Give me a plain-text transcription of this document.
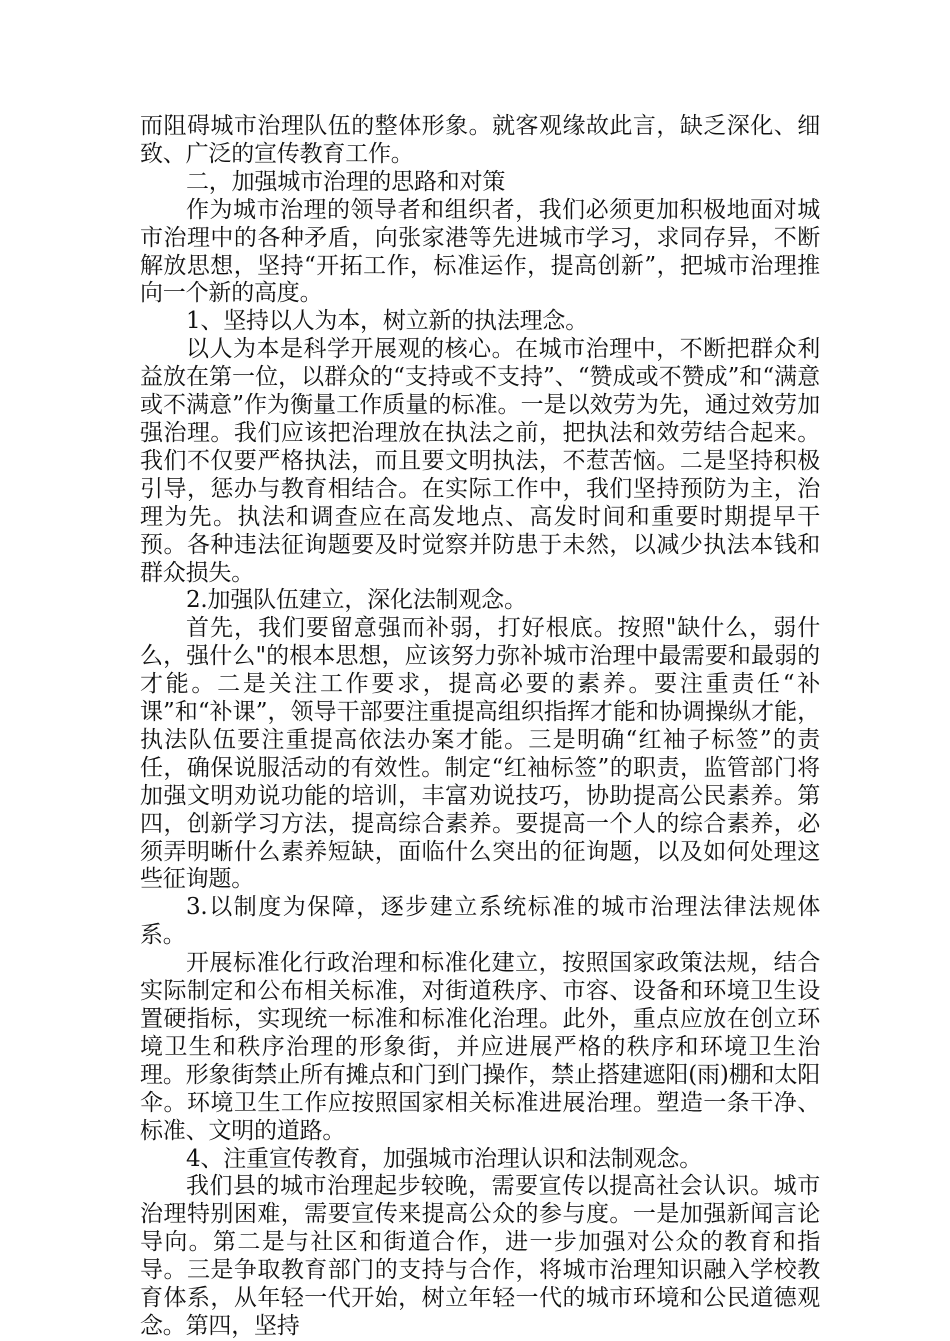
而阻碍城市治理队伍的整体形象。就客观缘故此言，缺乏深化、细致、广泛的宣传教育工作。

二，加强城市治理的思路和对策

作为城市治理的领导者和组织者，我们必须更加积极地面对城市治理中的各种矛盾，向张家港等先进城市学习，求同存异，不断解放思想，坚持“开拓工作，标准运作，提高创新”，把城市治理推向一个新的高度。

1、坚持以人为本，树立新的执法理念。

以人为本是科学开展观的核心。在城市治理中，不断把群众利益放在第一位，以群众的“支持或不支持”、“赞成或不赞成”和“满意或不满意”作为衡量工作质量的标准。一是以效劳为先，通过效劳加强治理。我们应该把治理放在执法之前，把执法和效劳结合起来。我们不仅要严格执法，而且要文明执法，不惹苦恼。二是坚持积极引导，惩办与教育相结合。在实际工作中，我们坚持预防为主，治理为先。执法和调查应在高发地点、高发时间和重要时期提早干预。各种违法征询题要及时觉察并防患于未然，以减少执法本钱和群众损失。

2.加强队伍建立，深化法制观念。

首先，我们要留意强而补弱，打好根底。按照"缺什么，弱什么，强什么"的根本思想，应该努力弥补城市治理中最需要和最弱的才能。二是关注工作要求，提高必要的素养。要注重责任“补课”和“补课”，领导干部要注重提高组织指挥才能和协调操纵才能，执法队伍要注重提高依法办案才能。三是明确“红袖子标签”的责任，确保说服活动的有效性。制定“红袖标签”的职责，监管部门将加强文明劝说功能的培训，丰富劝说技巧，协助提高公民素养。第四，创新学习方法，提高综合素养。要提高一个人的综合素养，必须弄明晰什么素养短缺，面临什么突出的征询题，以及如何处理这些征询题。

3.以制度为保障，逐步建立系统标准的城市治理法律法规体系。

开展标准化行政治理和标准化建立，按照国家政策法规，结合实际制定和公布相关标准，对街道秩序、市容、设备和环境卫生设置硬指标，实现统一标准和标准化治理。此外，重点应放在创立环境卫生和秩序治理的形象街，并应进展严格的秩序和环境卫生治理。形象街禁止所有摊点和门到门操作，禁止搭建遮阳(雨)棚和太阳伞。环境卫生工作应按照国家相关标准进展治理。塑造一条干净、标准、文明的道路。

4、注重宣传教育，加强城市治理认识和法制观念。

我们县的城市治理起步较晚，需要宣传以提高社会认识。城市治理特别困难，需要宣传来提高公众的参与度。一是加强新闻言论导向。第二是与社区和街道合作，进一步加强对公众的教育和指导。三是争取教育部门的支持与合作，将城市治理知识融入学校教育体系，从年轻一代开始，树立年轻一代的城市环境和公民道德观念。第四，坚持
